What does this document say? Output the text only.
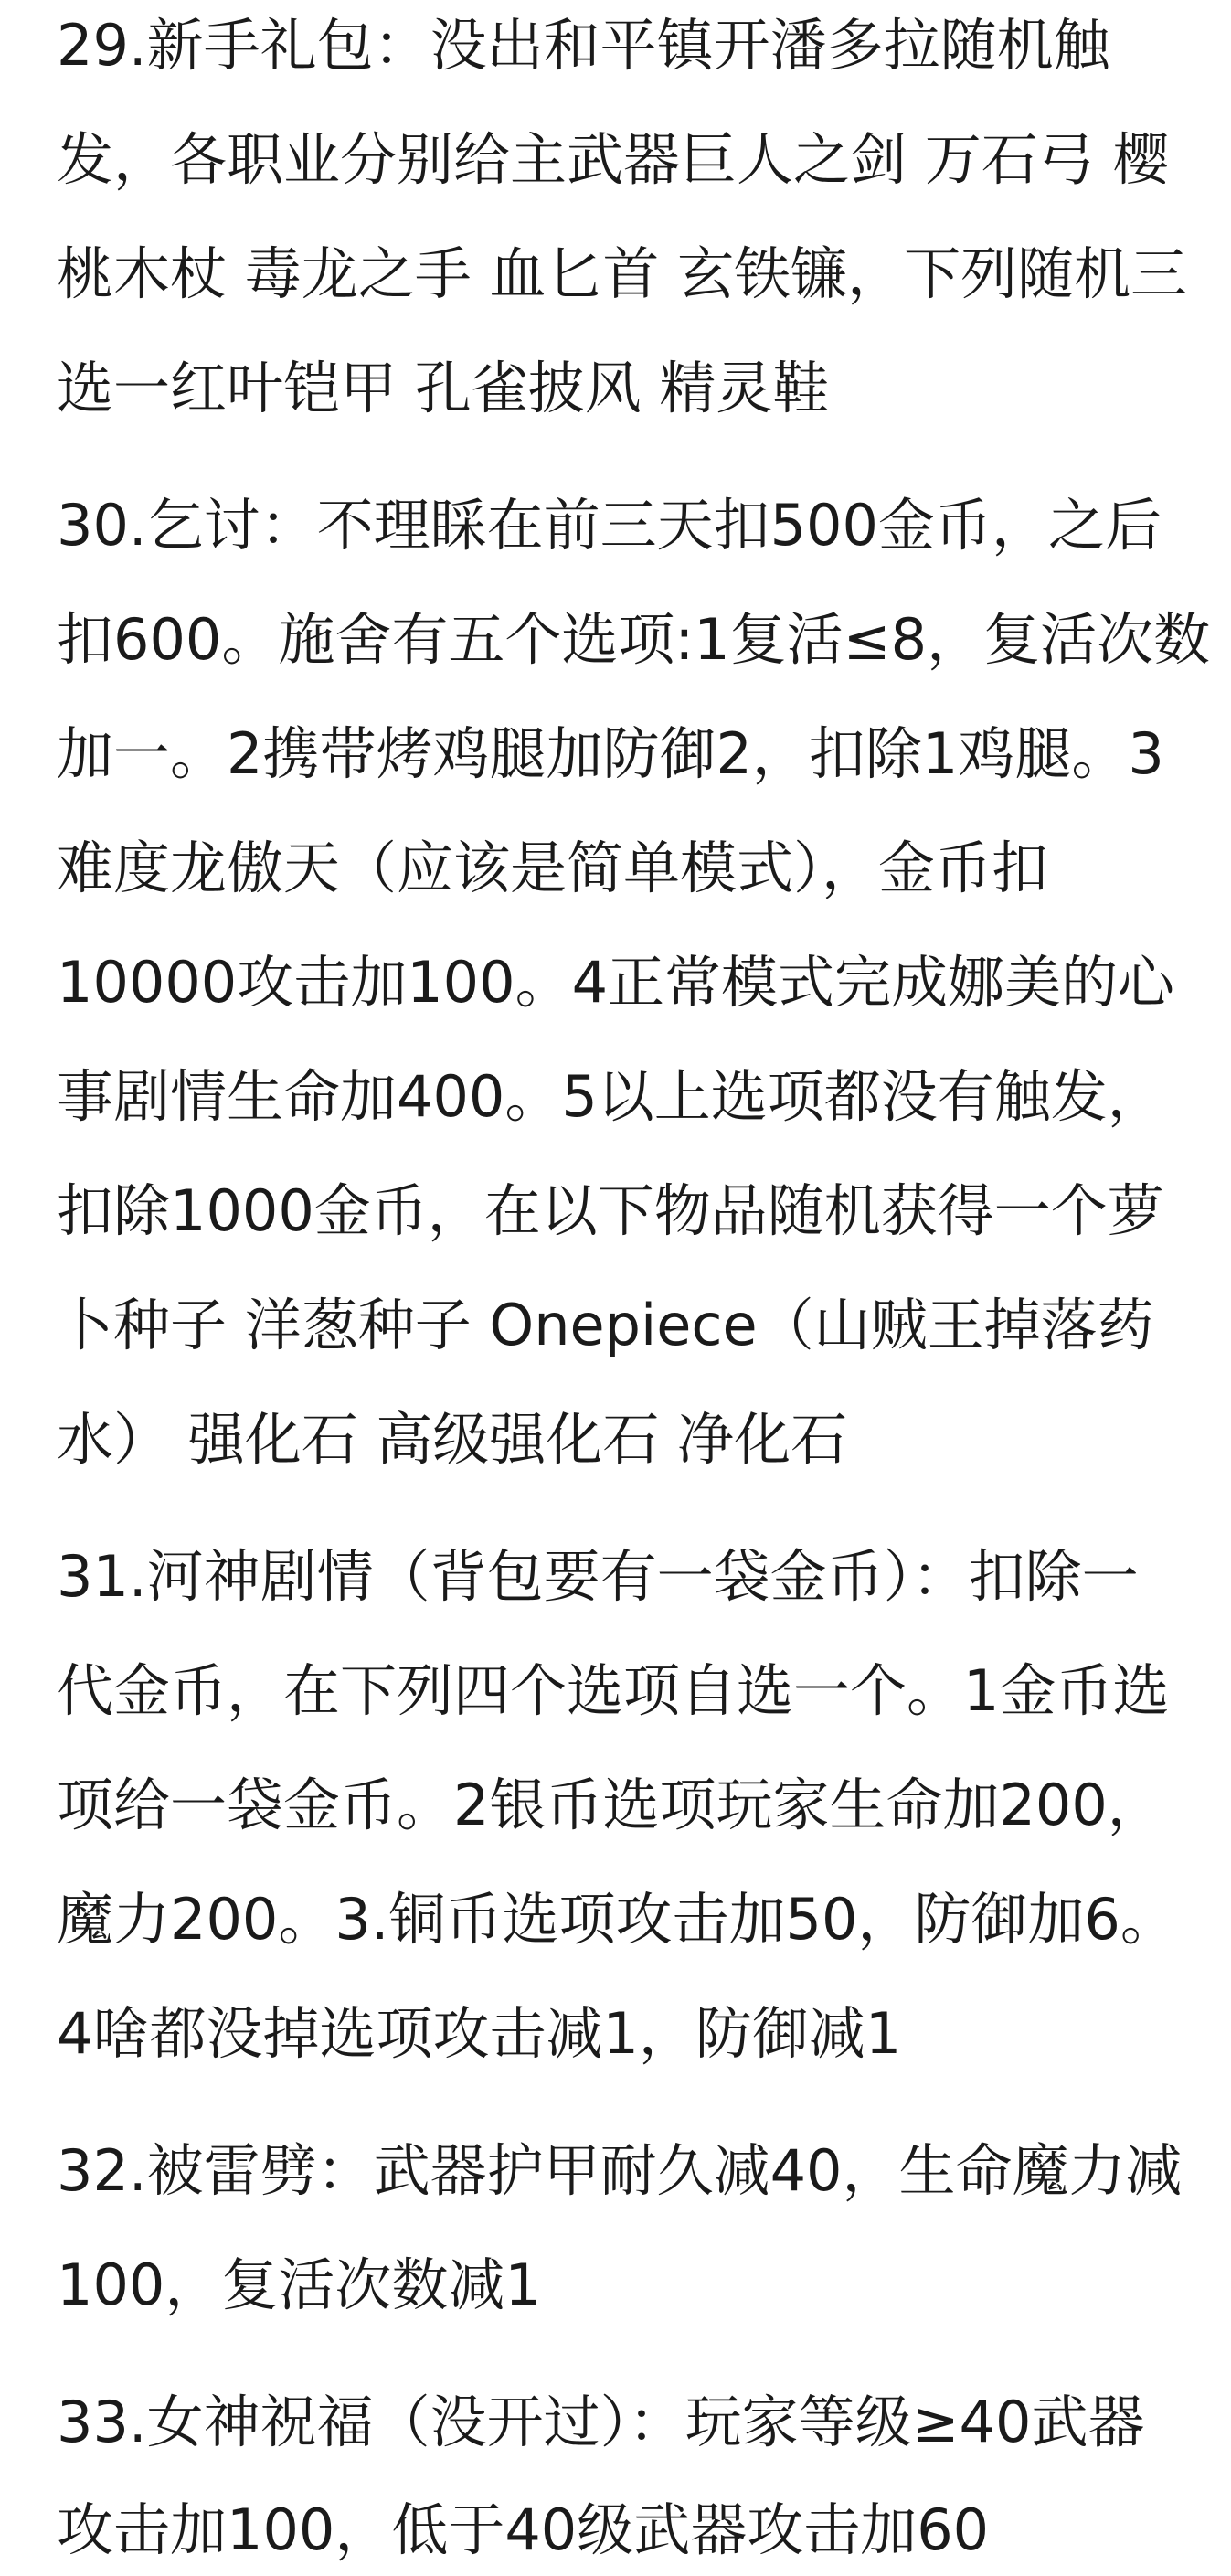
29.新手礼包：没出和平镇开潘多拉随机触
发，各职业分别给主武器巨人之剑 万石弓 樱
桃木杖 毒龙之手 血匕首 玄铁镰，下列随机三
选一红叶铠甲 孔雀披风 精灵鞋
30.乞讨：不理睬在前三天扣500金币，之后
扣600。施舍有五个选项:1复活≤8，复活次数
加一。2携带烤鸡腿加防御2，扣除1鸡腿。3
难度龙傲天（应该是简单模式），金币扣
10000攻击加100。4正常模式完成娜美的心
事剧情生命加400。5以上选项都没有触发，
扣除1000金币，在以下物品随机获得一个萝
卜种子 洋葱种子 Onepiece（山贼王掉落药
水） 强化石 高级强化石 净化石
31.河神剧情（背包要有一袋金币）：扣除一
代金币，在下列四个选项自选一个。1金币选
项给一袋金币。2银币选项玩家生命加200，
魔力200。3.铜币选项攻击加50，防御加6。
4啥都没掉选项攻击减1，防御减1
32.被雷劈：武器护甲耐久减40，生命魔力减
100，复活次数减1
33.女神祝福（没开过）：玩家等级≥40武器
攻击加100，低于40级武器攻击加60
